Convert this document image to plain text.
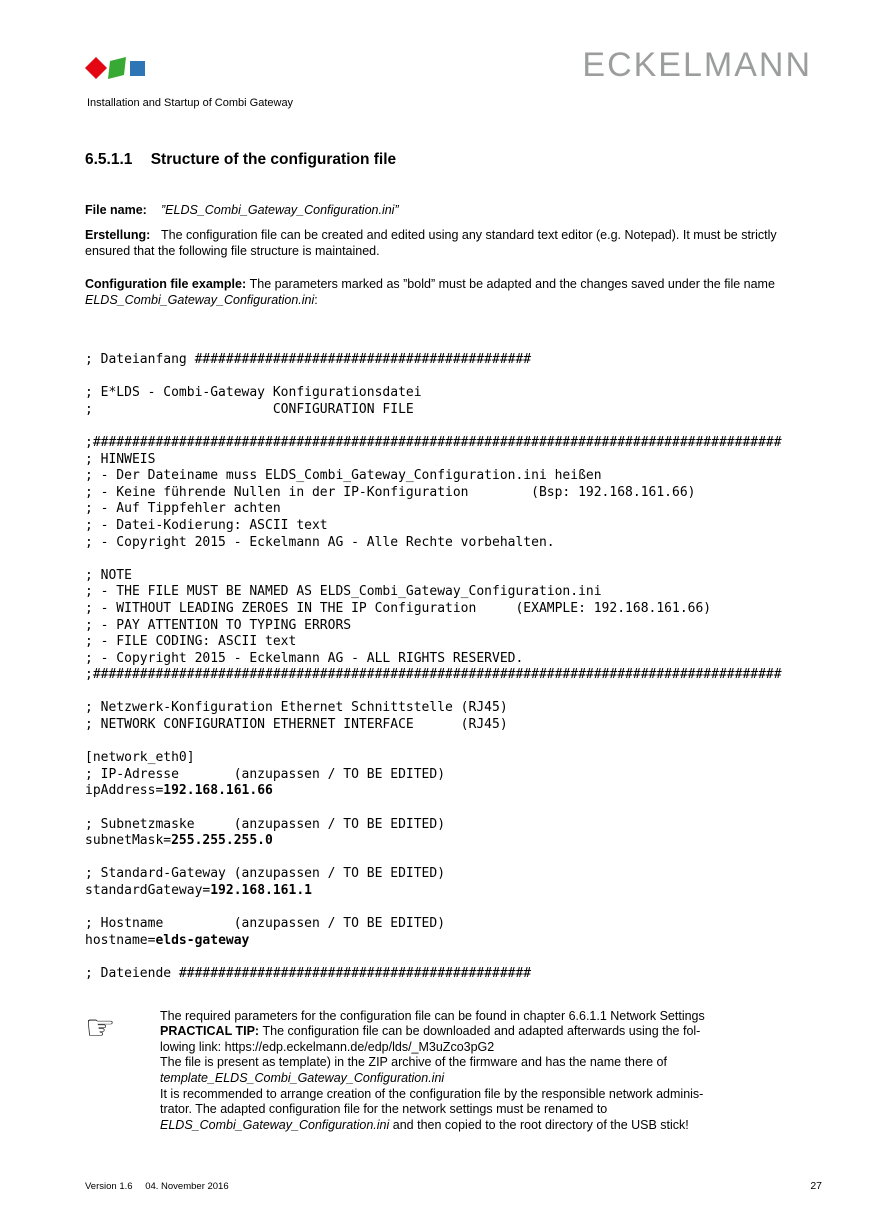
ECKELMANN
Installation and Startup of Combi Gateway
6.5.1.1 Structure of the configuration file

File name: ”ELDS_Combi_Gateway_Configuration.ini”

Erstellung: The configuration file can be created and edited using any standard text editor (e.g. Notepad). It must be strictly ensured that the following file structure is maintained.

Configuration file example: The parameters marked as ”bold” must be adapted and the changes saved under the file name ELDS_Combi_Gateway_Configuration.ini:

; Dateianfang ###########################################

; E*LDS - Combi-Gateway Konfigurationsdatei
;                       CONFIGURATION FILE

;########################################################################################
; HINWEIS
; - Der Dateiname muss ELDS_Combi_Gateway_Configuration.ini heißen
; - Keine führende Nullen in der IP-Konfiguration        (Bsp: 192.168.161.66)
; - Auf Tippfehler achten
; - Datei-Kodierung: ASCII text
; - Copyright 2015 - Eckelmann AG - Alle Rechte vorbehalten.

; NOTE
; - THE FILE MUST BE NAMED AS ELDS_Combi_Gateway_Configuration.ini
; - WITHOUT LEADING ZEROES IN THE IP Configuration     (EXAMPLE: 192.168.161.66)
; - PAY ATTENTION TO TYPING ERRORS
; - FILE CODING: ASCII text
; - Copyright 2015 - Eckelmann AG - ALL RIGHTS RESERVED.
;########################################################################################

; Netzwerk-Konfiguration Ethernet Schnittstelle (RJ45)
; NETWORK CONFIGURATION ETHERNET INTERFACE      (RJ45)

[network_eth0]
; IP-Adresse       (anzupassen / TO BE EDITED)
ipAddress=192.168.161.66

; Subnetzmaske     (anzupassen / TO BE EDITED)
subnetMask=255.255.255.0

; Standard-Gateway (anzupassen / TO BE EDITED)
standardGateway=192.168.161.1

; Hostname         (anzupassen / TO BE EDITED)
hostname=elds-gateway

; Dateiende #############################################
☞	The required parameters for the configuration file can be found in chapter 6.6.1.1 Network Settings
PRACTICAL TIP: The configuration file can be downloaded and adapted afterwards using the fol-
lowing link: https://edp.eckelmann.de/edp/lds/_M3uZco3pG2
The file is present as template) in the ZIP archive of the firmware and has the name there of
template_ELDS_Combi_Gateway_Configuration.ini
It is recommended to arrange creation of the configuration file by the responsible network adminis-
trator. The adapted configuration file for the network settings must be renamed to
ELDS_Combi_Gateway_Configuration.ini and then copied to the root directory of the USB stick!
Version 1.6 04. November 2016	27
